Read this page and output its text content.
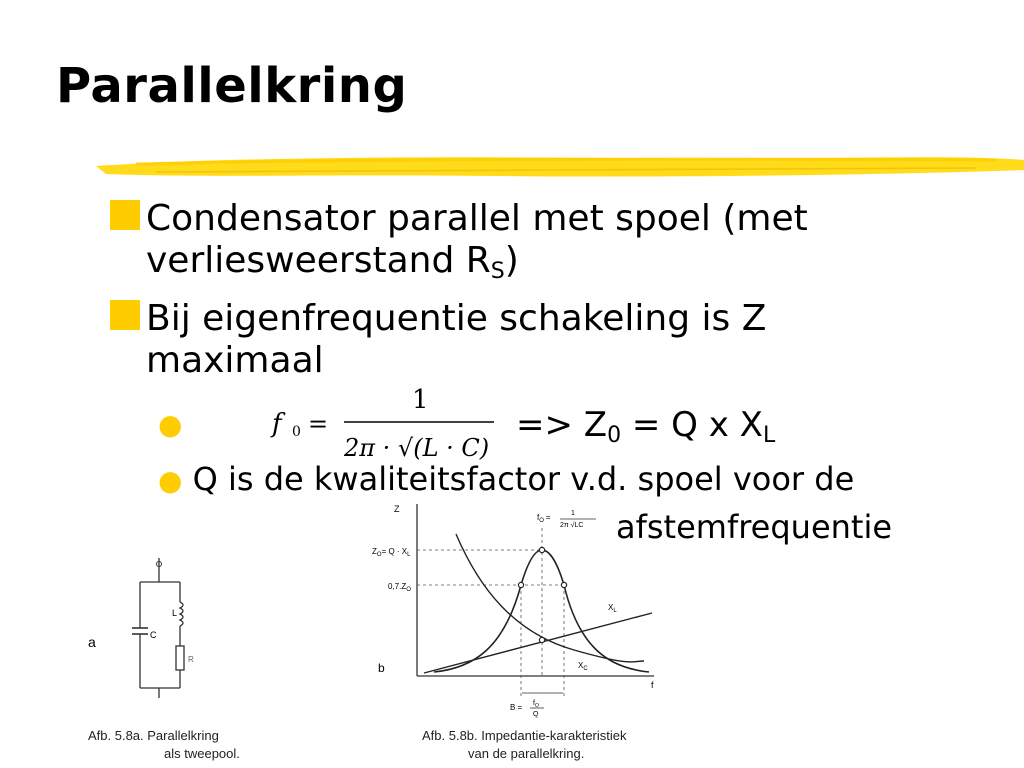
Parallelkring
Condensator parallel met spoel (met
verliesweerstand $R_S$)
Bij eigenfrequentie schakeling is Z
maximaal
●	f 0 =
1
2π · √(L · C)
=> $Z_0 = Q$ x $X_L$
● Q is de kwaliteitsfactor v.d. spoel voor de
afstemfrequentie
a	C
L
R
Afb. 5.8a. Parallelkring
als tweepool.
Z
f
b
$f_O$ =	1
2π √LC
$Z_O= Q \cdot X_L$
$0,7.Z_O$
$X_L$
$X_C$
$B = f_O$
Q
Afb. 5.8b. Impedantie-karakteristiek
van de parallelkring.
